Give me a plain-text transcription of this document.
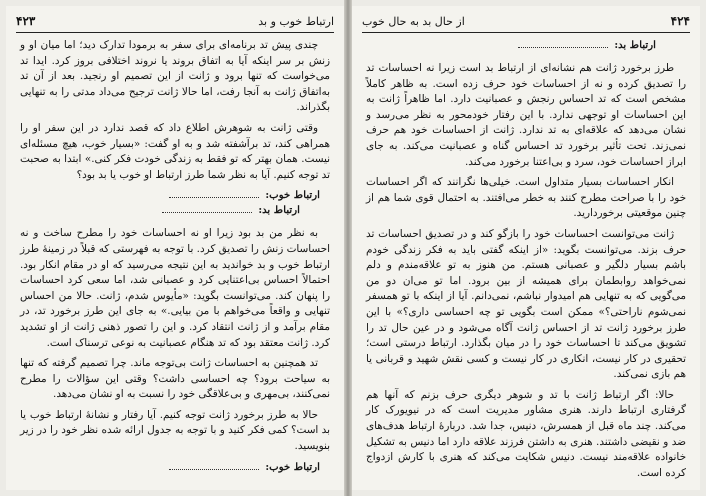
۴۲۳	ارتباط خوب و بد

چندی پیش تد برنامه‌ای برای سفر به برمودا تدارک دید؛ اما میان او و زنش بر سر اینکه آیا به اتفاق بروند یا نروند اختلافی بروز کرد. ایدا تد می‌خواست که تنها برود و ژانت از این تصمیم او رنجید. بعد از آن تد به‌اتفاق ژانت به آنجا رفت، اما حالا ژانت ترجیح می‌داد مدتی را به تنهایی بگذراند.

وقتی ژانت به شوهرش اطلاع داد که قصد ندارد در این سفر او را همراهی کند، تد برآشفته شد و به او گفت: «بسیار خوب، هیچ مسئله‌ای نیست. همان بهتر که تو فقط به زندگی خودت فکر کنی.» ابتدا به صحبت تد توجه کنیم. آیا به نظر شما طرز ارتباط او خوب یا بد بود؟

ارتباط خوب:
ارتباط بد:

به نظر من بد بود زیرا او نه احساسات خود را مطرح ساخت و نه احساسات زنش را تصدیق کرد. با توجه به فهرستی که قبلاً در زمینهٔ طرز ارتباط خوب و بد خواندید به این نتیجه می‌رسید که او در مقام انکار بود. احتمالاً احساس بی‌اعتنایی کرد و عصبانی شد، اما سعی کرد احساسات را پنهان کند. می‌توانست بگوید: «مأیوس شدم، ژانت. حالا من احساس تنهایی و واقعاً می‌خواهم با من بیایی.» به جای این طرز برخورد تد، در مقام برآمد و از ژانت انتقاد کرد. و این را تصور ذهنی ژانت از او تشدید کرد. ژانت معتقد بود که تد هنگام عصبانیت به نوعی ترسناک است.

تد همچنین به احساسات ژانت بی‌توجه ماند. چرا تصمیم گرفته که تنها به سیاحت برود؟ چه احساسی داشت؟ وقتی این سؤالات را مطرح نمی‌کنند، بی‌مهری و بی‌علاقگی خود را نسبت به او نشان می‌دهد.

حالا به طرز برخورد ژانت توجه کنیم. آیا رفتار و نشانهٔ ارتباط خوب یا بد است؟ کمی فکر کنید و با توجه به جدول ارائه شده نظر خود را در زیر بنویسید.

ارتباط خوب:
۴۲۴
از حال بد به حال خوب
ارتباط بد:

طرز برخورد ژانت هم نشانه‌ای از ارتباط بد است زیرا نه احساسات تد را تصدیق کرده و نه از احساسات خود حرف زده است. به ظاهر کاملاً مشخص است که تد احساس رنجش و عصبانیت دارد. اما ظاهراً ژانت به این احساسات او توجهی ندارد. با این رفتار خودمحور به نظر می‌رسد و نشان می‌دهد که علاقه‌ای به تد ندارد. ژانت از احساسات خود هم حرف نمی‌زند. تحت تأثیر برخورد تد احساس گناه و عصبانیت می‌کند. به جای ابراز احساسات خود، سرد و بی‌اعتنا برخورد می‌کند.

انکار احساسات بسیار متداول است. خیلی‌ها نگرانند که اگر احساسات خود را با صراحت مطرح کنند به خطر می‌افتند. به احتمال قوی شما هم از چنین موقعیتی برخوردارید.

ژانت می‌توانست احساسات خود را بازگو کند و در تصدیق احساسات تد حرف بزند. می‌توانست بگوید: «از اینکه گفتی باید به فکر زندگی خودم باشم بسیار دلگیر و عصبانی هستم. من هنوز به تو علاقه‌مندم و دلم نمی‌خواهد روابطمان برای همیشه از بین برود. اما تو می‌ان دو من می‌گویی که به تنهایی هم امیدوار نباشم، نمی‌دانم. آیا از اینکه با تو همسفر نمی‌شوم ناراحتی؟» ممکن است بگویی تو چه احساسی داری؟» با این طرز برخورد ژانت تد از احساس ژانت آگاه می‌شود و در عین حال تد را تشویق می‌کند تا احساسات خود را در میان بگذارد. ارتباط درستی است؛ تحقیری در کار نیست، انکاری در کار نیست و کسی نقش شهید و قربانی یا هم بازی نمی‌کند.

حالا: اگر ارتباط ژانت با تد و شوهر دیگری حرف بزنم که آنها هم گرفتاری ارتباط دارند. هنری مشاور مدیریت است که در نیویورک کار می‌کند. چند ماه قبل از همسرش، دنیس، جدا شد. دربارهٔ ارتباط هدف‌های ضد و نقیضی داشتند. هنری به داشتن فرزند علاقه دارد اما دنیس به تشکیل خانواده علاقه‌مند نیست. دنیس شکایت می‌کند که هنری با کارش ازدواج کرده است.
